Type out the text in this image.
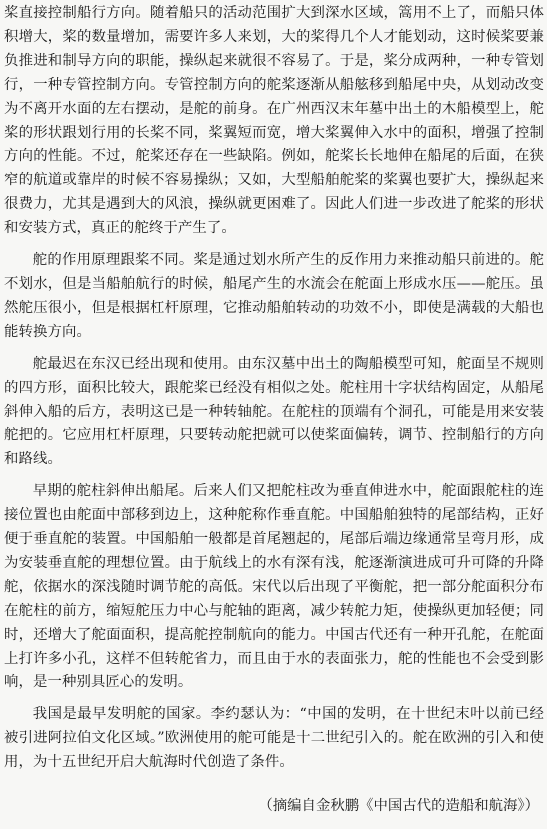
桨直接控制船行方向。随着船只的活动范围扩大到深水区域，篙用不上了，而船只体积增大，桨的数量增加，需要许多人来划，大的桨得几个人才能划动，这时候桨要兼负推进和制导方向的职能，操纵起来就很不容易了。于是，桨分成两种，一种专管划行，一种专管控制方向。专管控制方向的舵桨逐渐从船舷移到船尾中央，从划动改变为不离开水面的左右摆动，是舵的前身。在广州西汉末年墓中出土的木船模型上，舵桨的形状跟划行用的长桨不同，桨翼短而宽，增大桨翼伸入水中的面积，增强了控制方向的性能。不过，舵桨还存在一些缺陷。例如，舵桨长长地伸在船尾的后面，在狭窄的航道或靠岸的时候不容易操纵；又如，大型船舶舵桨的桨翼也要扩大，操纵起来很费力，尤其是遇到大的风浪，操纵就更困难了。因此人们进一步改进了舵桨的形状和安装方式，真正的舵终于产生了。

舵的作用原理跟桨不同。桨是通过划水所产生的反作用力来推动船只前进的。舵不划水，但是当船舶航行的时候，船尾产生的水流会在舵面上形成水压——舵压。虽然舵压很小，但是根据杠杆原理，它推动船舶转动的功效不小，即使是满载的大船也能转换方向。

舵最迟在东汉已经出现和使用。由东汉墓中出土的陶船模型可知，舵面呈不规则的四方形，面积比较大，跟舵桨已经没有相似之处。舵柱用十字状结构固定，从船尾斜伸入船的后方，表明这已是一种转轴舵。在舵柱的顶端有个洞孔，可能是用来安装舵把的。它应用杠杆原理，只要转动舵把就可以使桨面偏转，调节、控制船行的方向和路线。

早期的舵柱斜伸出船尾。后来人们又把舵柱改为垂直伸进水中，舵面跟舵柱的连接位置也由舵面中部移到边上，这种舵称作垂直舵。中国船舶独特的尾部结构，正好便于垂直舵的装置。中国船舶一般都是首尾翘起的，尾部后端边缘通常呈弯月形，成为安装垂直舵的理想位置。由于航线上的水有深有浅，舵逐渐演进成可升可降的升降舵，依据水的深浅随时调节舵的高低。宋代以后出现了平衡舵，把一部分舵面积分布在舵柱的前方，缩短舵压力中心与舵轴的距离，减少转舵力矩，使操纵更加轻便；同时，还增大了舵面面积，提高舵控制航向的能力。中国古代还有一种开孔舵，在舵面上打许多小孔，这样不但转舵省力，而且由于水的表面张力，舵的性能也不会受到影响，是一种别具匠心的发明。

我国是最早发明舵的国家。李约瑟认为：“中国的发明，在十世纪末叶以前已经被引进阿拉伯文化区域。”欧洲使用的舵可能是十二世纪引入的。舵在欧洲的引入和使用，为十五世纪开启大航海时代创造了条件。

（摘编自金秋鹏《中国古代的造船和航海》）
